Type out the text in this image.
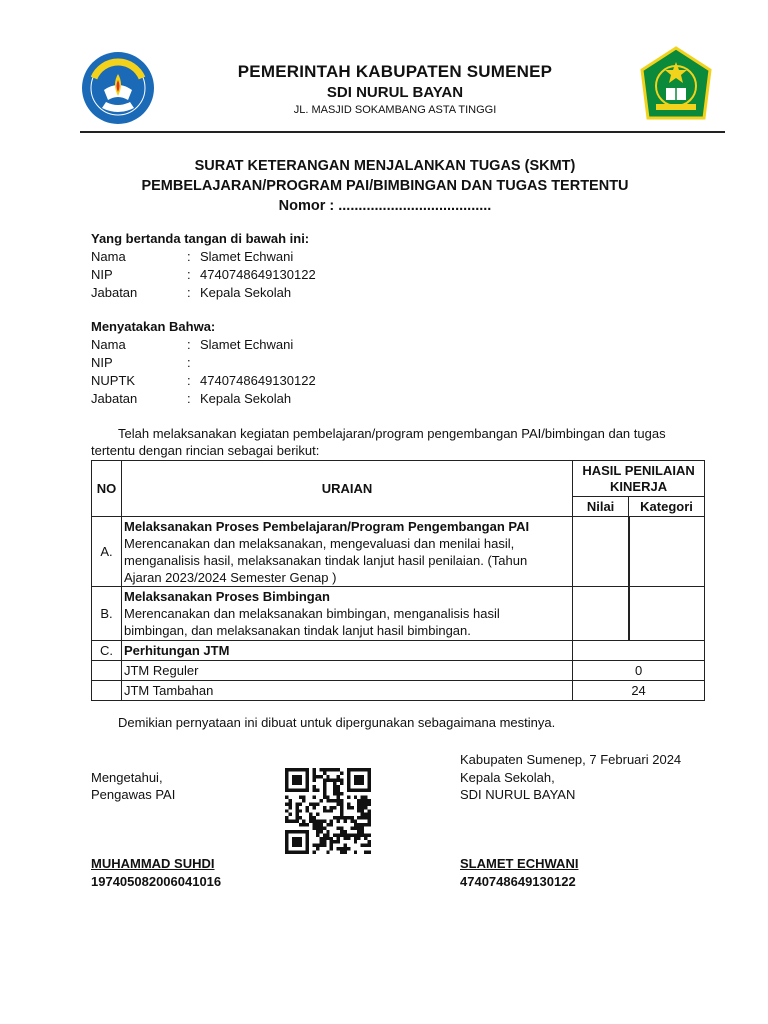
PEMERINTAH KABUPATEN SUMENEP
SDI NURUL BAYAN
JL. MASJID SOKAMBANG ASTA TINGGI
SURAT KETERANGAN MENJALANKAN TUGAS (SKMT)
PEMBELAJARAN/PROGRAM PAI/BIMBINGAN DAN TUGAS TERTENTU
Nomor : ......................................
Yang bertanda tangan di bawah ini:
Nama	: Slamet Echwani
NIP	: 4740748649130122
Jabatan	: Kepala Sekolah
Menyatakan Bahwa:
Nama	: Slamet Echwani
NIP	:
NUPTK	: 4740748649130122
Jabatan	: Kepala Sekolah
Telah melaksanakan kegiatan pembelajaran/program pengembangan PAI/bimbingan dan tugas
tertentu dengan rincian sebagai berikut:
NO	URAIAN	HASIL PENILAIAN KINERJA	
		Nilai	Kategori
A.	Melaksanakan Proses Pembelajaran/Program Pengembangan PAI
Merencanakan dan melaksanakan, mengevaluasi dan menilai hasil,
menganalisis hasil, melaksanakan tindak lanjut hasil penilaian. (Tahun
Ajaran 2023/2024 Semester Genap )		

B.	Melaksanakan Proses Bimbingan
Merencanakan dan melaksanakan bimbingan, menganalisis hasil
bimbingan, dan melaksanakan tindak lanjut hasil bimbingan.		

C.	Perhitungan JTM		
	JTM Reguler	0	
	JTM Tambahan	24	
Demikian pernyataan ini dibuat untuk dipergunakan sebagaimana mestinya.
Kabupaten Sumenep, 7 Februari 2024
Kepala Sekolah,
SDI NURUL BAYAN
SLAMET ECHWANI
4740748649130122
Mengetahui,
Pengawas PAI
MUHAMMAD SUHDI
197405082006041016
